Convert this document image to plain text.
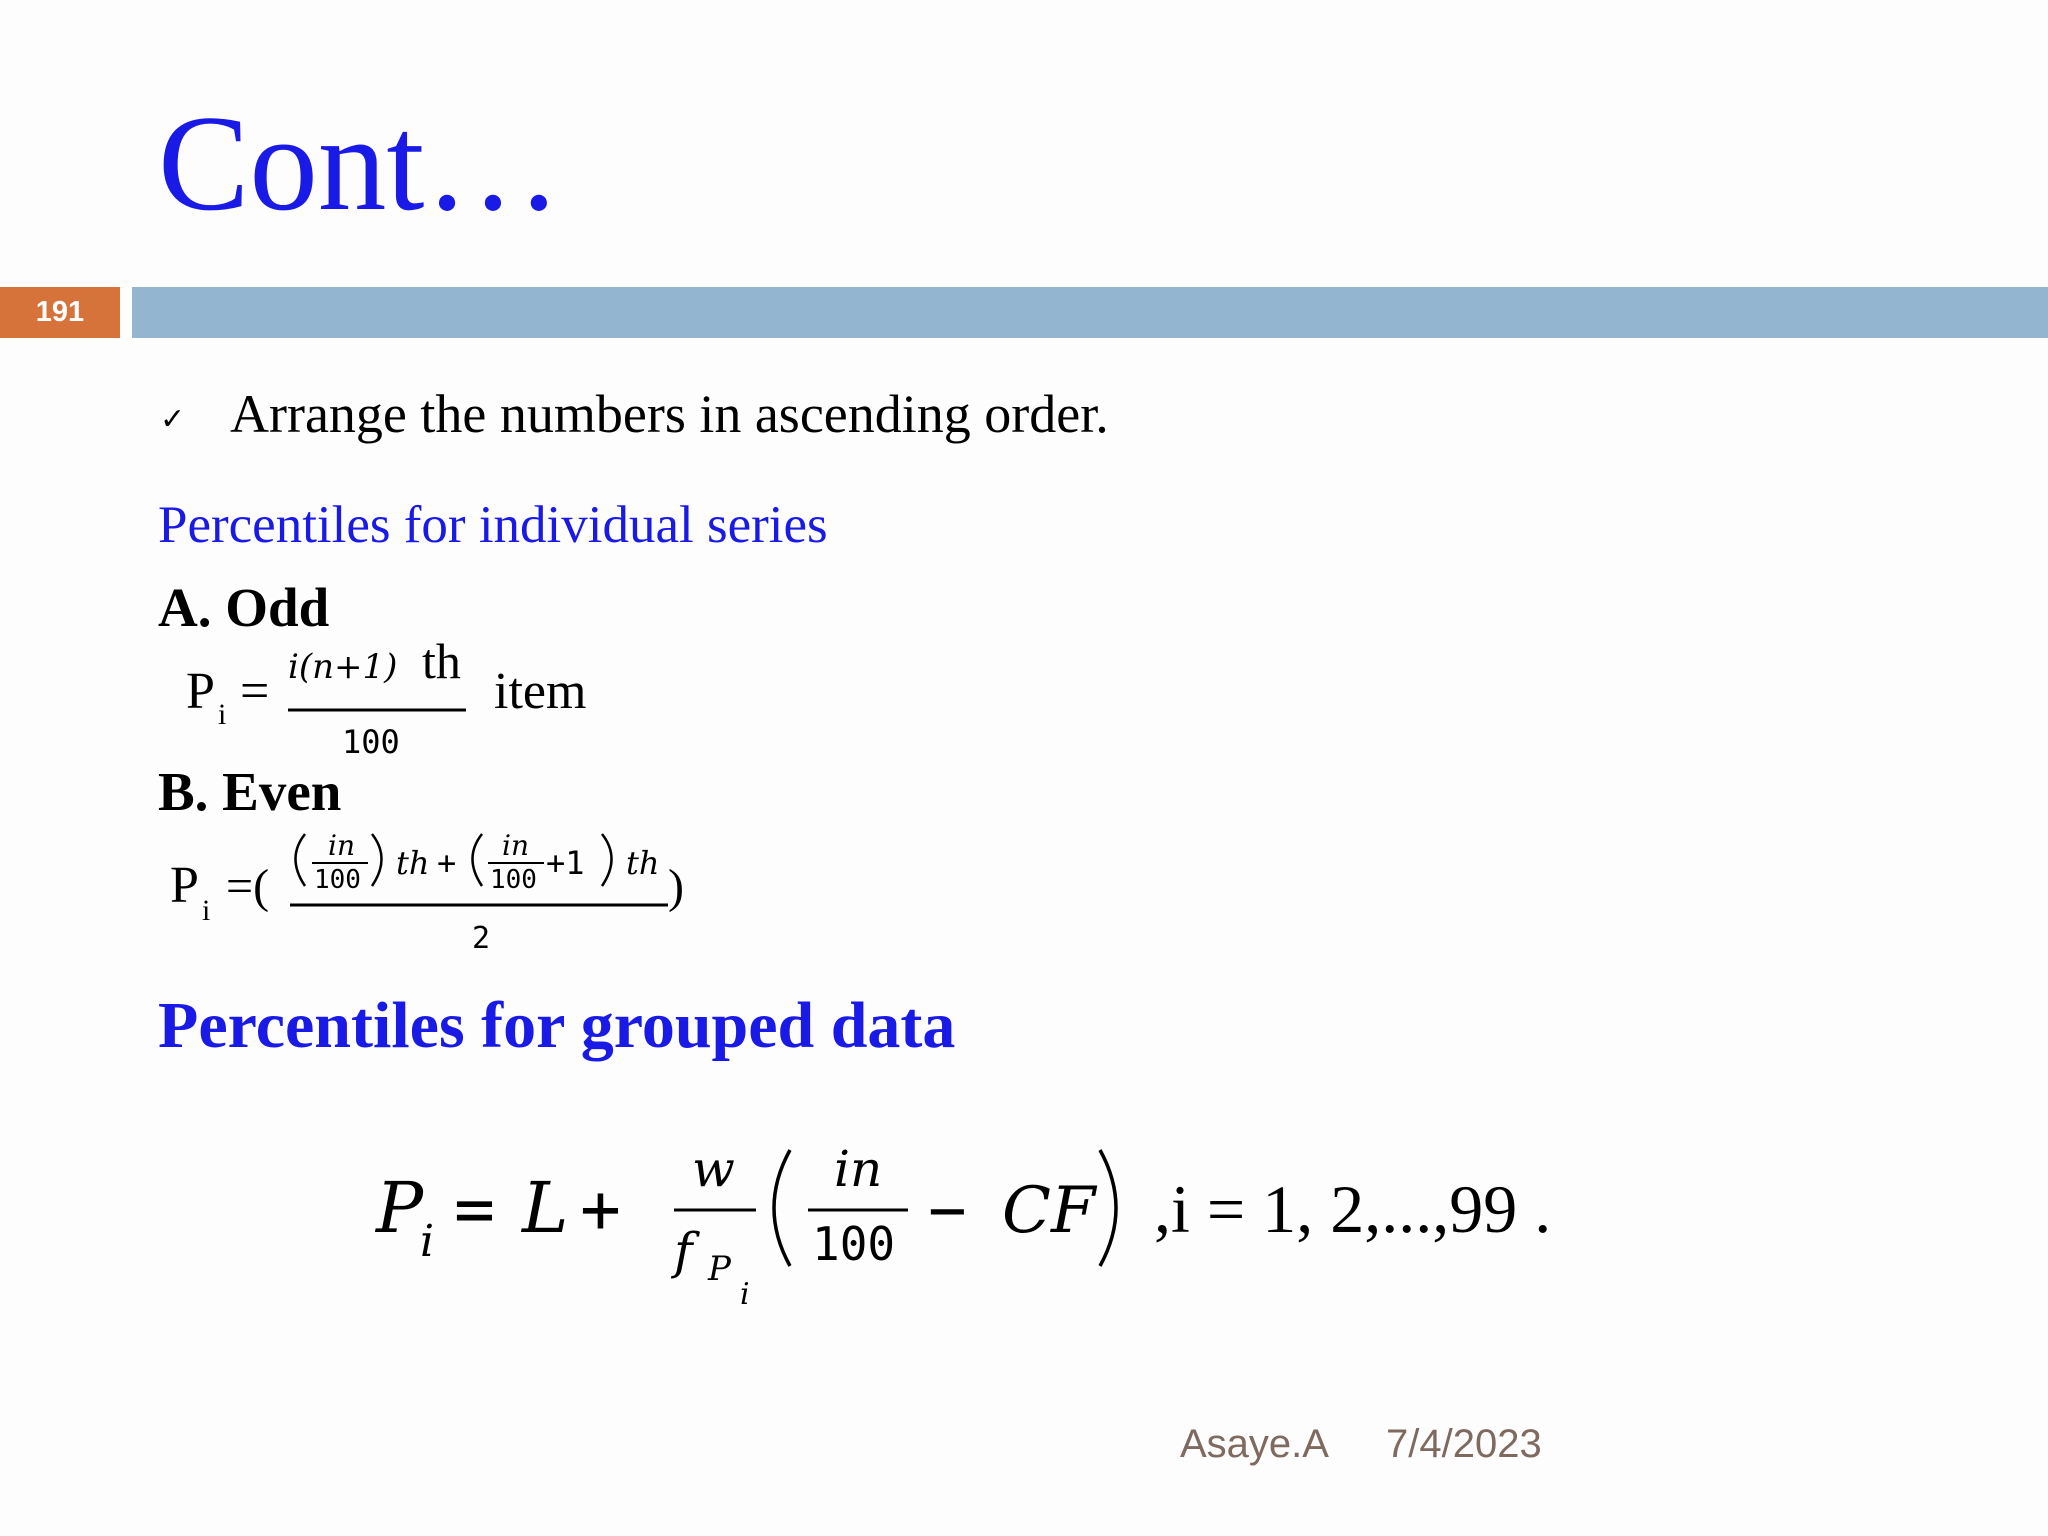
Cont…
191
✓ Arrange the numbers in ascending order.
Percentiles for individual series
A. Odd
P i = i(n+1) th
100
item
B. Even
P i =(
in
100 th + in
100 +1 th
2
)
Percentiles for grouped data
P
i = L +
w
f P
i
in
100 − CF ,i = 1, 2,...,99 .
Asaye.A 7/4/2023
